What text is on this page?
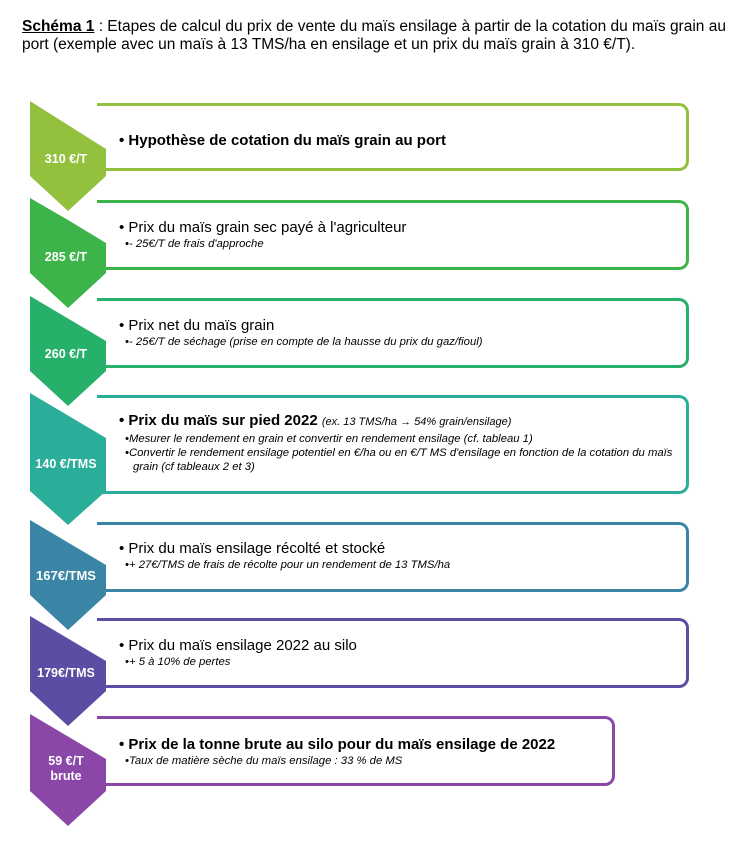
Schéma 1 : Etapes de calcul du prix de vente du maïs ensilage à partir de la cotation du maïs grain au port (exemple avec un maïs à 13 TMS/ha en ensilage et un prix du maïs grain à 310 €/T).
• Hypothèse de cotation du maïs grain au port
310 €/T
• Prix du maïs grain sec payé à l'agriculteur
•- 25€/T de frais d'approche
285 €/T
• Prix net du maïs grain
•- 25€/T de séchage (prise en compte de la hausse du prix du gaz/fioul)
260 €/T
• Prix du maïs sur pied 2022 (ex. 13 TMS/ha → 54% grain/ensilage)
•Mesurer le rendement en grain et convertir en rendement ensilage (cf. tableau 1)
•Convertir le rendement ensilage potentiel en €/ha ou en €/T MS d'ensilage en fonction de la cotation du maïs grain (cf tableaux 2 et 3)
140 €/TMS
• Prix du maïs ensilage récolté et stocké
•+ 27€/TMS de frais de récolte pour un rendement de 13 TMS/ha
167€/TMS
• Prix du maïs ensilage 2022 au silo
•+ 5 à 10% de pertes
179€/TMS
• Prix de la tonne brute au silo pour du maïs ensilage de 2022
•Taux de matière sèche du maïs ensilage : 33 % de MS
59 €/T
brute
